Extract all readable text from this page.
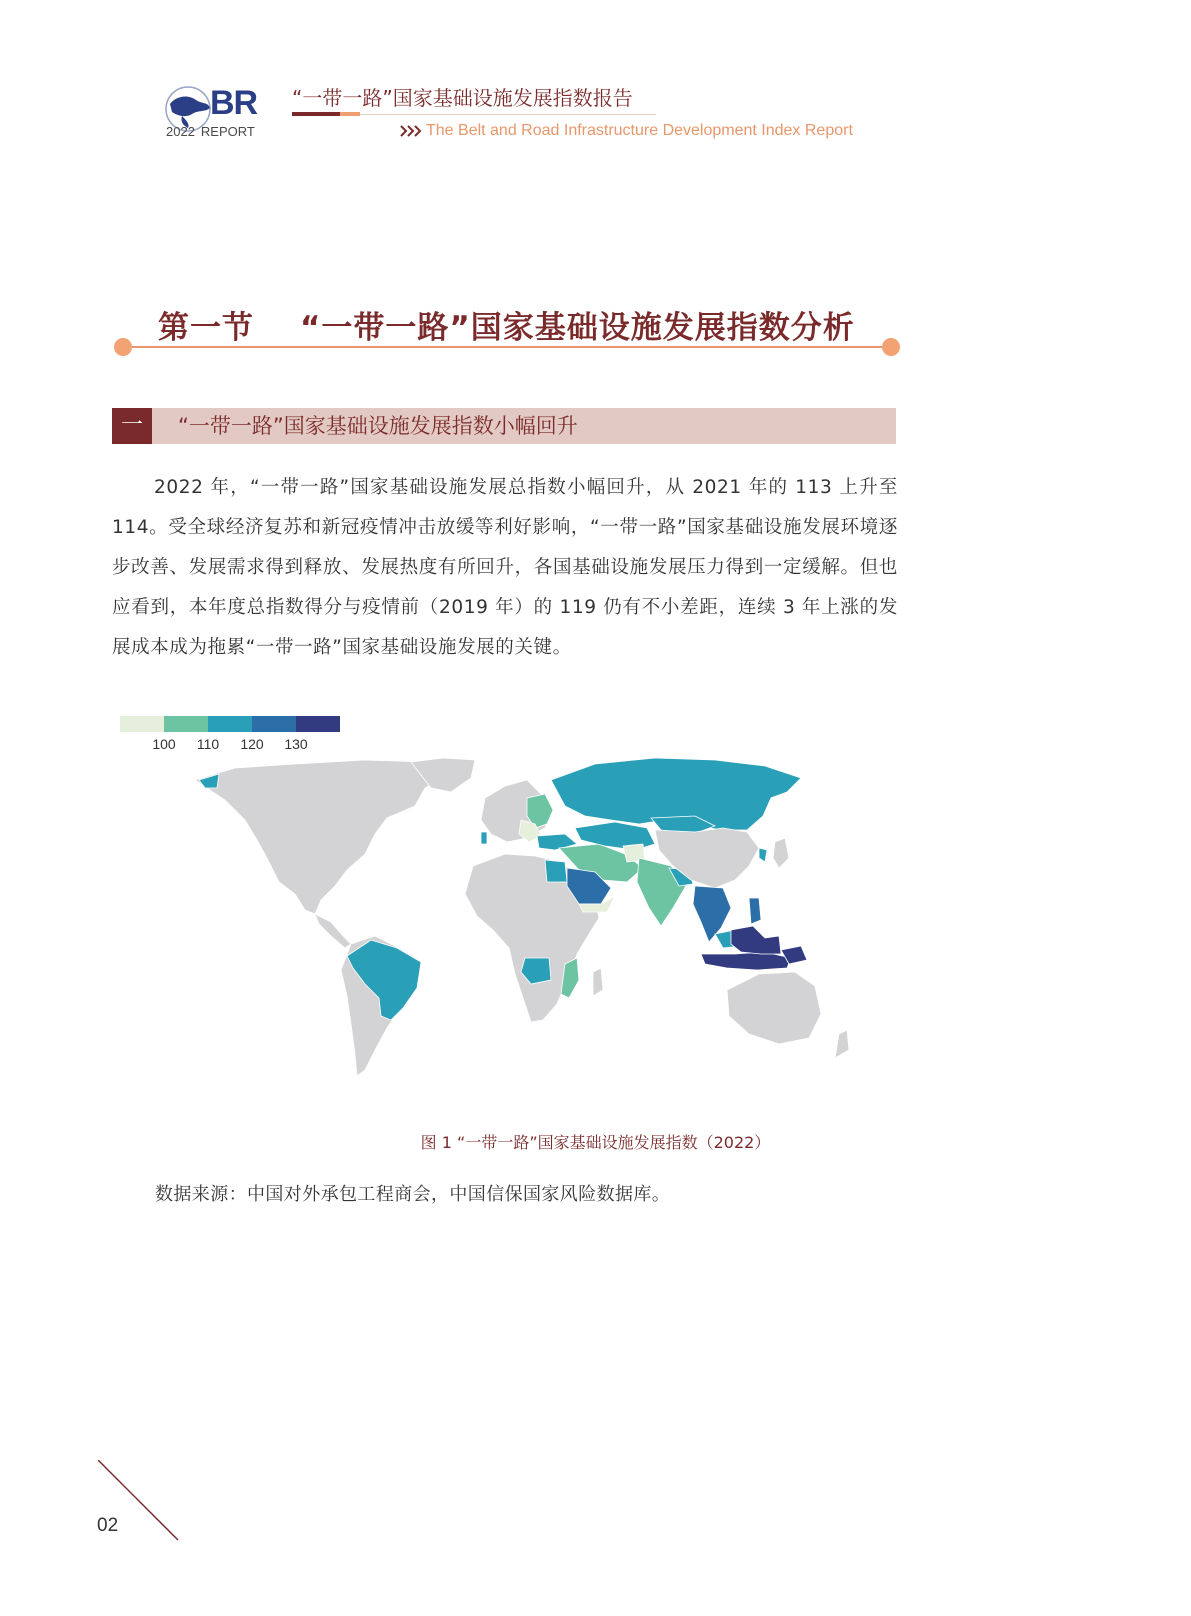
BR
2022 REPORT
“一带一路”国家基础设施发展指数报告
The Belt and Road Infrastructure Development Index Report
第一节 “一带一路”国家基础设施发展指数分析
一	“一带一路”国家基础设施发展指数小幅回升
2022 年，“一带一路”国家基础设施发展总指数小幅回升，从 2021 年的 113 上升至 114。受全球经济复苏和新冠疫情冲击放缓等利好影响，“一带一路”国家基础设施发展环境逐步改善、发展需求得到释放、发展热度有所回升，各国基础设施发展压力得到一定缓解。但也应看到，本年度总指数得分与疫情前（2019 年）的 119 仍有不小差距，连续 3 年上涨的发展成本成为拖累“一带一路”国家基础设施发展的关键。
100 110 120 130
图 1 “一带一路”国家基础设施发展指数（2022）
数据来源：中国对外承包工程商会，中国信保国家风险数据库。
02
